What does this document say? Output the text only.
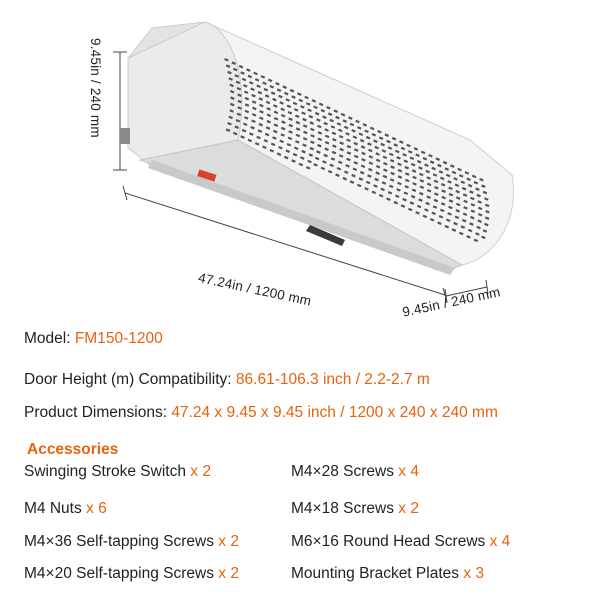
9.45in / 240 mm
47.24in / 1200 mm	9.45in / 240 mm
Model: FM150-1200
Door Height (m) Compatibility: 86.61-106.3 inch / 2.2-2.7 m
Product Dimensions: 47.24 x 9.45 x 9.45 inch / 1200 x 240 x 240 mm
Accessories
Swinging Stroke Switch x 2
M4 Nuts x 6
M4×36 Self-tapping Screws x 2
M4×20 Self-tapping Screws x 2
M4×28 Screws x 4
M4×18 Screws x 2
M6×16 Round Head Screws x 4
Mounting Bracket Plates x 3
